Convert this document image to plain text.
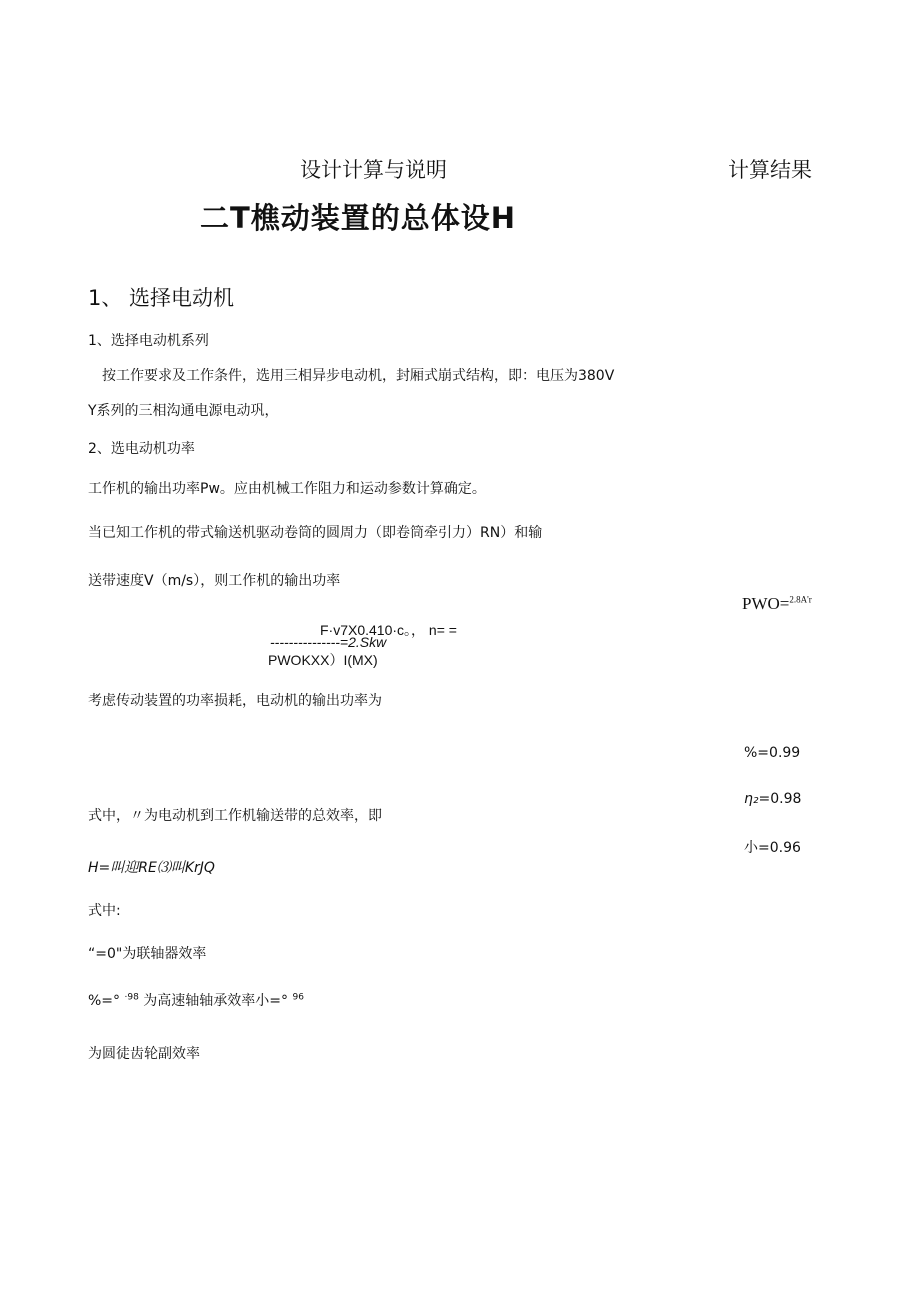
设计计算与说明	计算结果
二T樵动装置的总体设H
1、 选择电动机
1、选择电动机系列
按工作要求及工作条件，选用三相异步电动机，封厢式崩式结构，即：电压为380V
Y系列的三相沟通电源电动巩，
2、选电动机功率
工作机的输出功率Pw。应由机械工作阻力和运动参数计算确定。
当已知工作机的带式输送机驱动卷筒的圆周力（即卷筒牵引力）RN）和输
送带速度V（m/s），则工作机的输出功率
F·v7X0.410·c。， n= =
---------------=2.Skw
PWOKXX）I(MX)
考虑传动装置的功率损耗，电动机的输出功率为
式中，〃为电动机到工作机输送带的总效率，即
H=叫迎RE⑶叫KrJQ
式中:
“=0"为联轴器效率
%=° $^{\cdot 98}$ 为高速轴轴承效率小=° $^{96}$
为圆徒齿轮副效率
PWO=$^{2.8A'r}$
%=0.99
η₂=0.98
小=0.96
